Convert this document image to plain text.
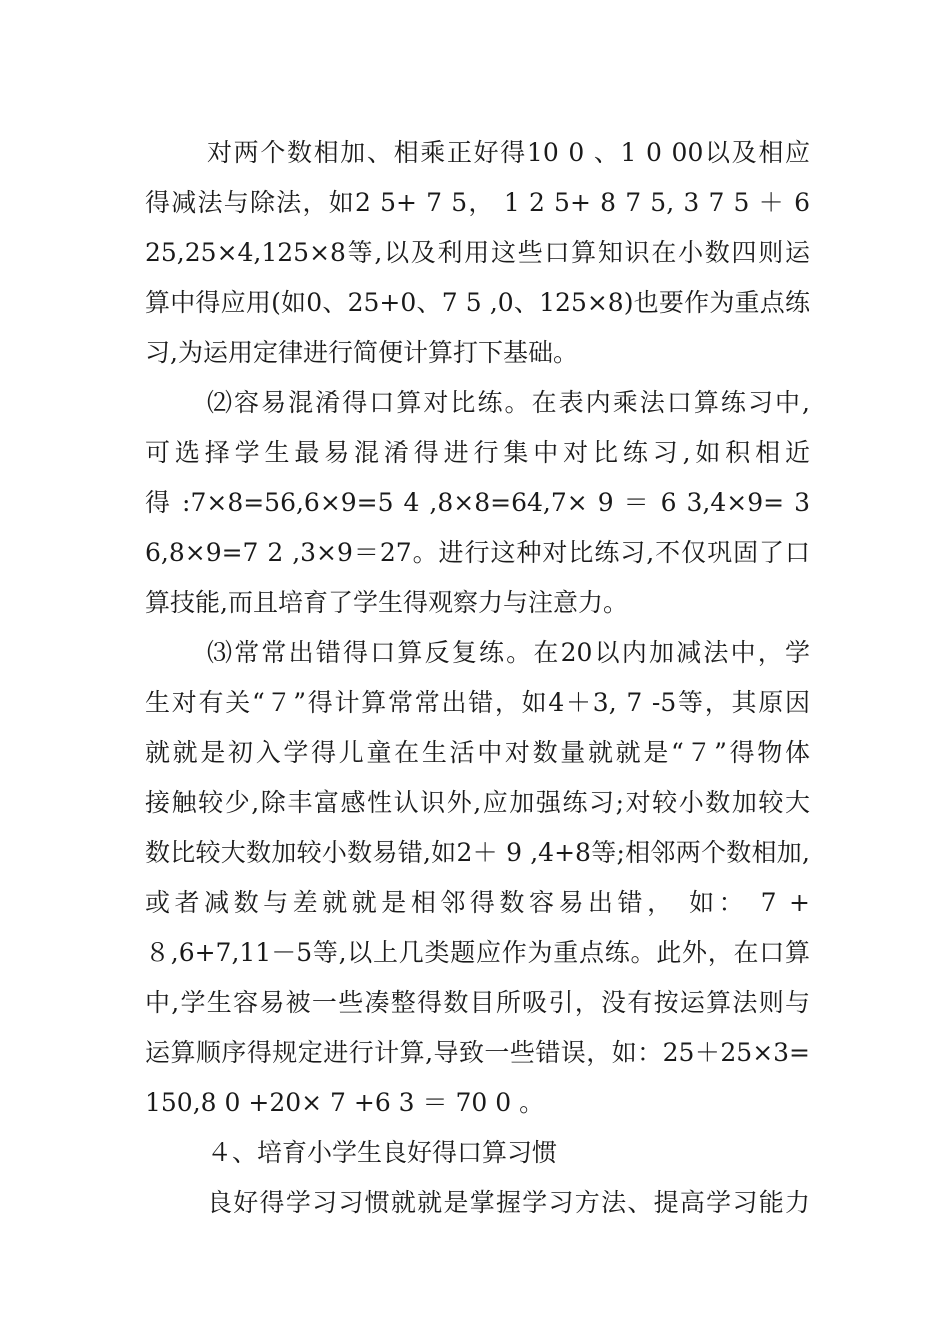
对两个数相加、相乘正好得10 0 、1 0 00以及相应
得减法与除法，如2 5+ 7 5， 1 2 5+ 8 7 5, 3 7 5 ＋ 6
25,25×4,125×8等,以及利用这些口算知识在小数四则运
算中得应用(如0、25+0、7 5 ,0、125×8)也要作为重点练
习,为运用定律进行简便计算打下基础。
⑵容易混淆得口算对比练。在表内乘法口算练习中,
可选择学生最易混淆得进行集中对比练习,如积相近
得 :7×8=56,6×9=5 4 ,8×8=64,7× 9 ＝ 6 3,4×9= 3
6,8×9=7 2 ,3×9＝27。进行这种对比练习,不仅巩固了口
算技能,而且培育了学生得观察力与注意力。
⑶常常出错得口算反复练。在20以内加减法中，学
生对有关“７”得计算常常出错，如4＋3, 7 -5等，其原因
就就是初入学得儿童在生活中对数量就就是“７”得物体
接触较少,除丰富感性认识外,应加强练习;对较小数加较大
数比较大数加较小数易错,如2＋ 9 ,4+8等;相邻两个数相加,
或者减数与差就就是相邻得数容易出错， 如： 7 +
８,6+7,11－5等,以上几类题应作为重点练。此外，在口算
中,学生容易被一些凑整得数目所吸引，没有按运算法则与
运算顺序得规定进行计算,导致一些错误，如：25＋25×3=
150,8 0 +20× 7 +6 3 ＝ 70 0 。
４、培育小学生良好得口算习惯
良好得学习习惯就就是掌握学习方法、提高学习能力
